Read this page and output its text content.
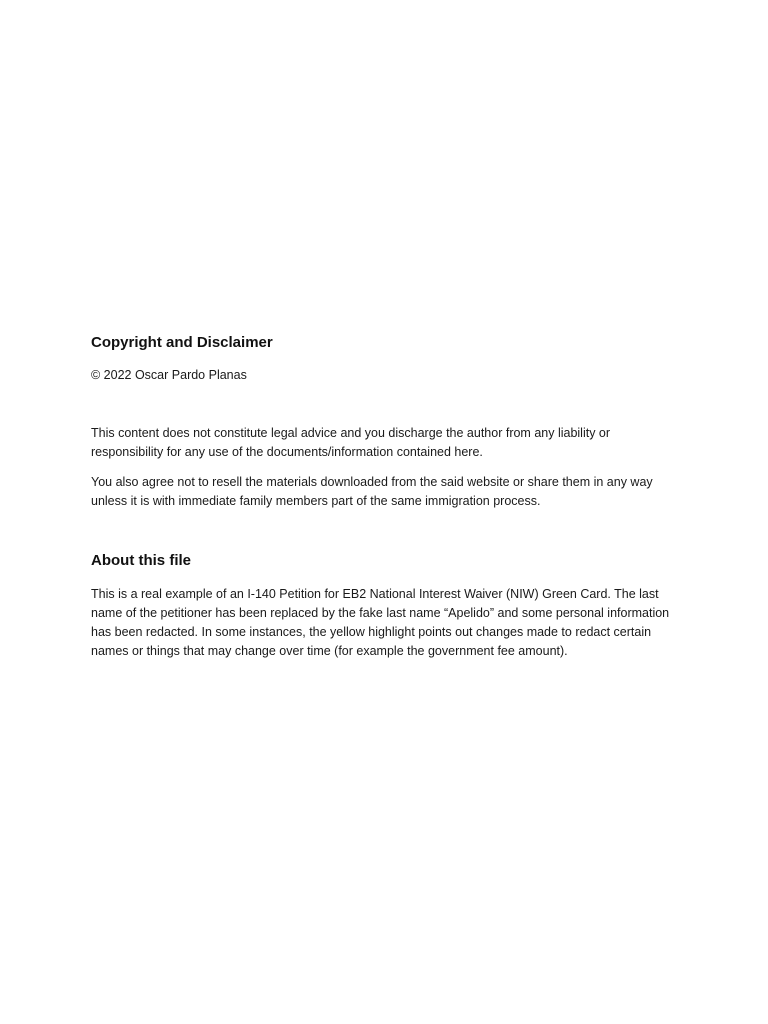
Copyright and Disclaimer

© 2022 Oscar Pardo Planas

This content does not constitute legal advice and you discharge the author from any liability or responsibility for any use of the documents/information contained here.

You also agree not to resell the materials downloaded from the said website or share them in any way unless it is with immediate family members part of the same immigration process.

About this file

This is a real example of an I-140 Petition for EB2 National Interest Waiver (NIW) Green Card. The last name of the petitioner has been replaced by the fake last name “Apelido” and some personal information has been redacted. In some instances, the yellow highlight points out changes made to redact certain names or things that may change over time (for example the government fee amount).
